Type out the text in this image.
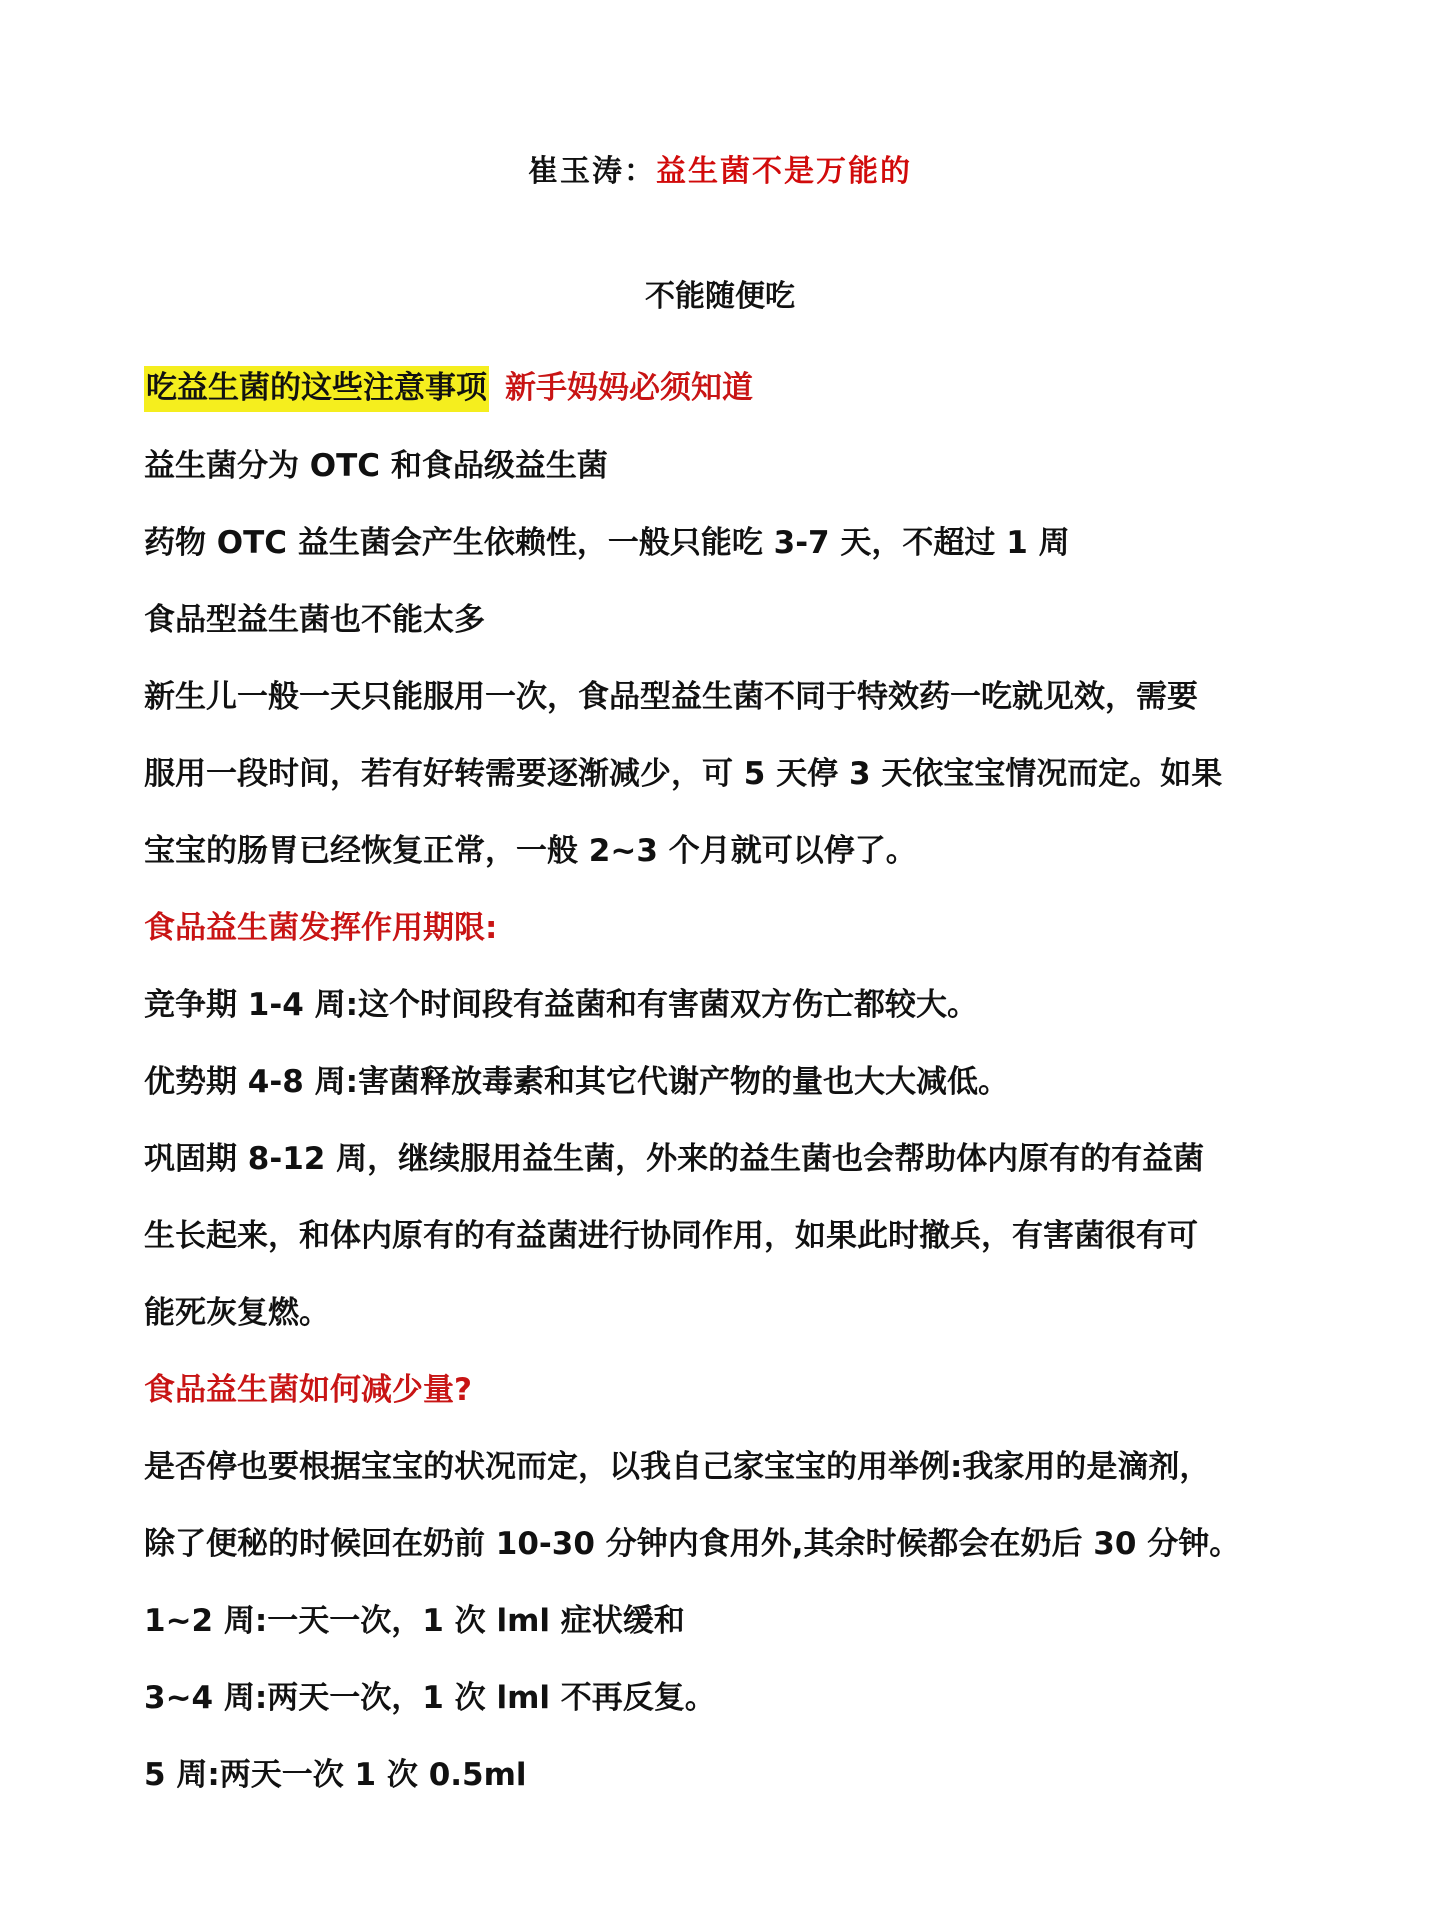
崔玉涛：益生菌不是万能的
不能随便吃
吃益生菌的这些注意事项 新手妈妈必须知道
益生菌分为 OTC 和食品级益生菌
药物 OTC 益生菌会产生依赖性，一般只能吃 3-7 天，不超过 1 周
食品型益生菌也不能太多
新生儿一般一天只能服用一次，食品型益生菌不同于特效药一吃就见效，需要
服用一段时间，若有好转需要逐渐减少，可 5 天停 3 天依宝宝情况而定。如果
宝宝的肠胃已经恢复正常，一般 2~3 个月就可以停了。
食品益生菌发挥作用期限:
竞争期 1-4 周:这个时间段有益菌和有害菌双方伤亡都较大。
优势期 4-8 周:害菌释放毒素和其它代谢产物的量也大大减低。
巩固期 8-12 周，继续服用益生菌，外来的益生菌也会帮助体内原有的有益菌
生长起来，和体内原有的有益菌进行协同作用，如果此时撤兵，有害菌很有可
能死灰复燃。
食品益生菌如何减少量?
是否停也要根据宝宝的状况而定，以我自己家宝宝的用举例:我家用的是滴剂，
除了便秘的时候回在奶前 10-30 分钟内食用外,其余时候都会在奶后 30 分钟。
1~2 周:一天一次，1 次 lml 症状缓和
3~4 周:两天一次，1 次 lml 不再反复。
5 周:两天一次 1 次 0.5ml
